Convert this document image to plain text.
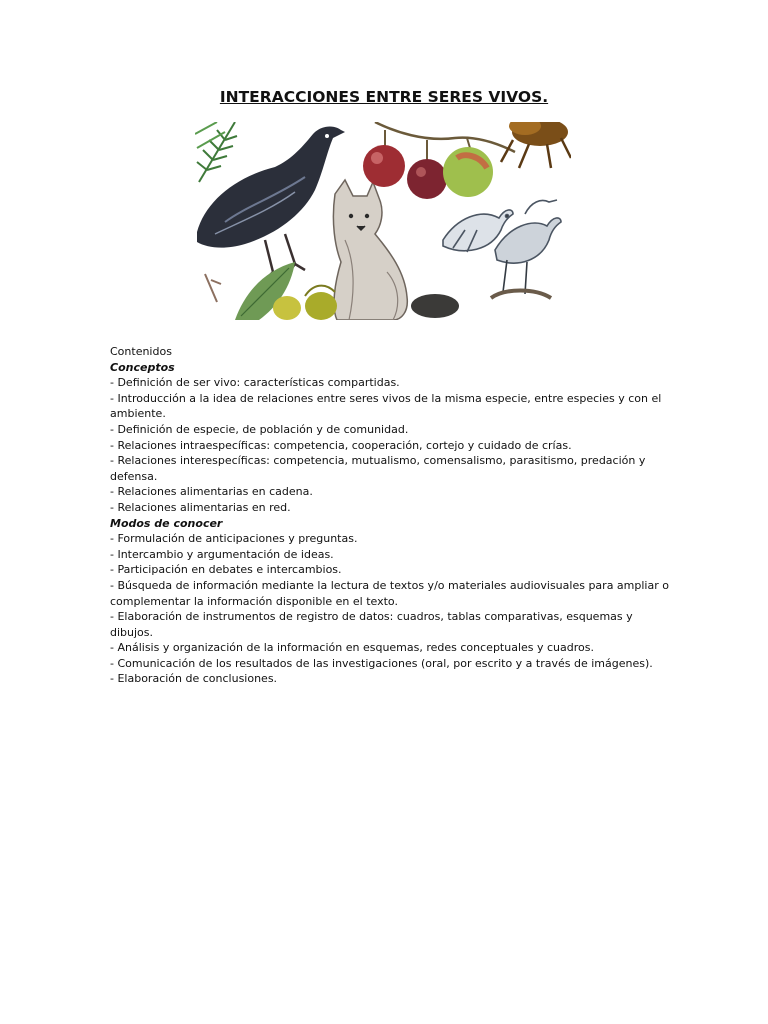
INTERACCIONES ENTRE SERES VIVOS.

Contenidos

Conceptos

- Definición de ser vivo: características compartidas.

- Introducción a la idea de relaciones entre seres vivos de la misma especie, entre especies y con el ambiente.

- Definición de especie, de población y de comunidad.

- Relaciones intraespecíficas: competencia, cooperación, cortejo y cuidado de crías.

- Relaciones interespecíficas: competencia, mutualismo, comensalismo, parasitismo, predación y defensa.

- Relaciones alimentarias en cadena.

- Relaciones alimentarias en red.

Modos de conocer

- Formulación de anticipaciones y preguntas.

- Intercambio y argumentación de ideas.

- Participación en debates e intercambios.

- Búsqueda de información mediante la lectura de textos y/o materiales audiovisuales para ampliar o complementar la información disponible en el texto.

- Elaboración de instrumentos de registro de datos: cuadros, tablas comparativas, esquemas y dibujos.

- Análisis y organización de la información en esquemas, redes conceptuales y cuadros.

- Comunicación de los resultados de las investigaciones (oral, por escrito y a través de imágenes).

- Elaboración de conclusiones.
